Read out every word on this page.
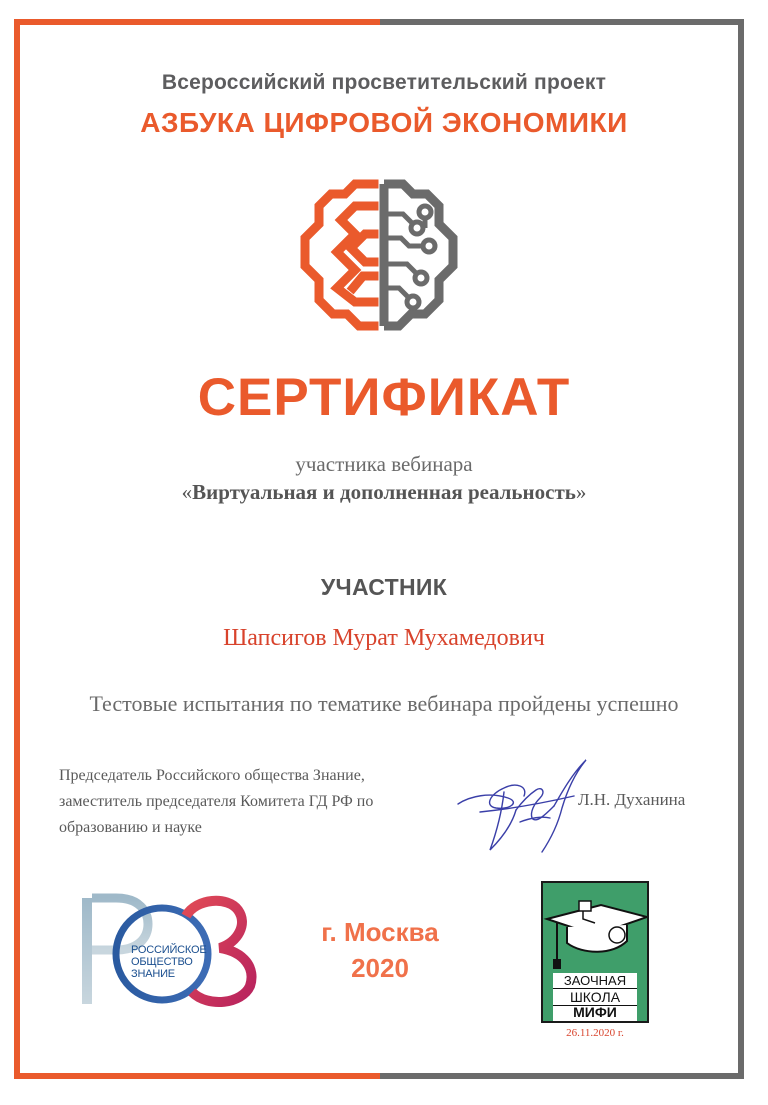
Всероссийский просветительский проект
АЗБУКА ЦИФРОВОЙ ЭКОНОМИКИ
СЕРТИФИКАТ
участника вебинара
«Виртуальная и дополненная реальность»
УЧАСТНИК
Шапсигов Мурат Мухамедович
Тестовые испытания по тематике вебинара пройдены успешно
Председатель Российского общества Знание,
заместитель председателя Комитета ГД РФ по
образованию и науке
Л.Н. Духанина
РОССИЙСКОЕ
ОБЩЕСТВО
ЗНАНИЕ
г. Москва
2020	ЗАОЧНАЯ
ШКОЛА
МИФИ
26.11.2020 г.
